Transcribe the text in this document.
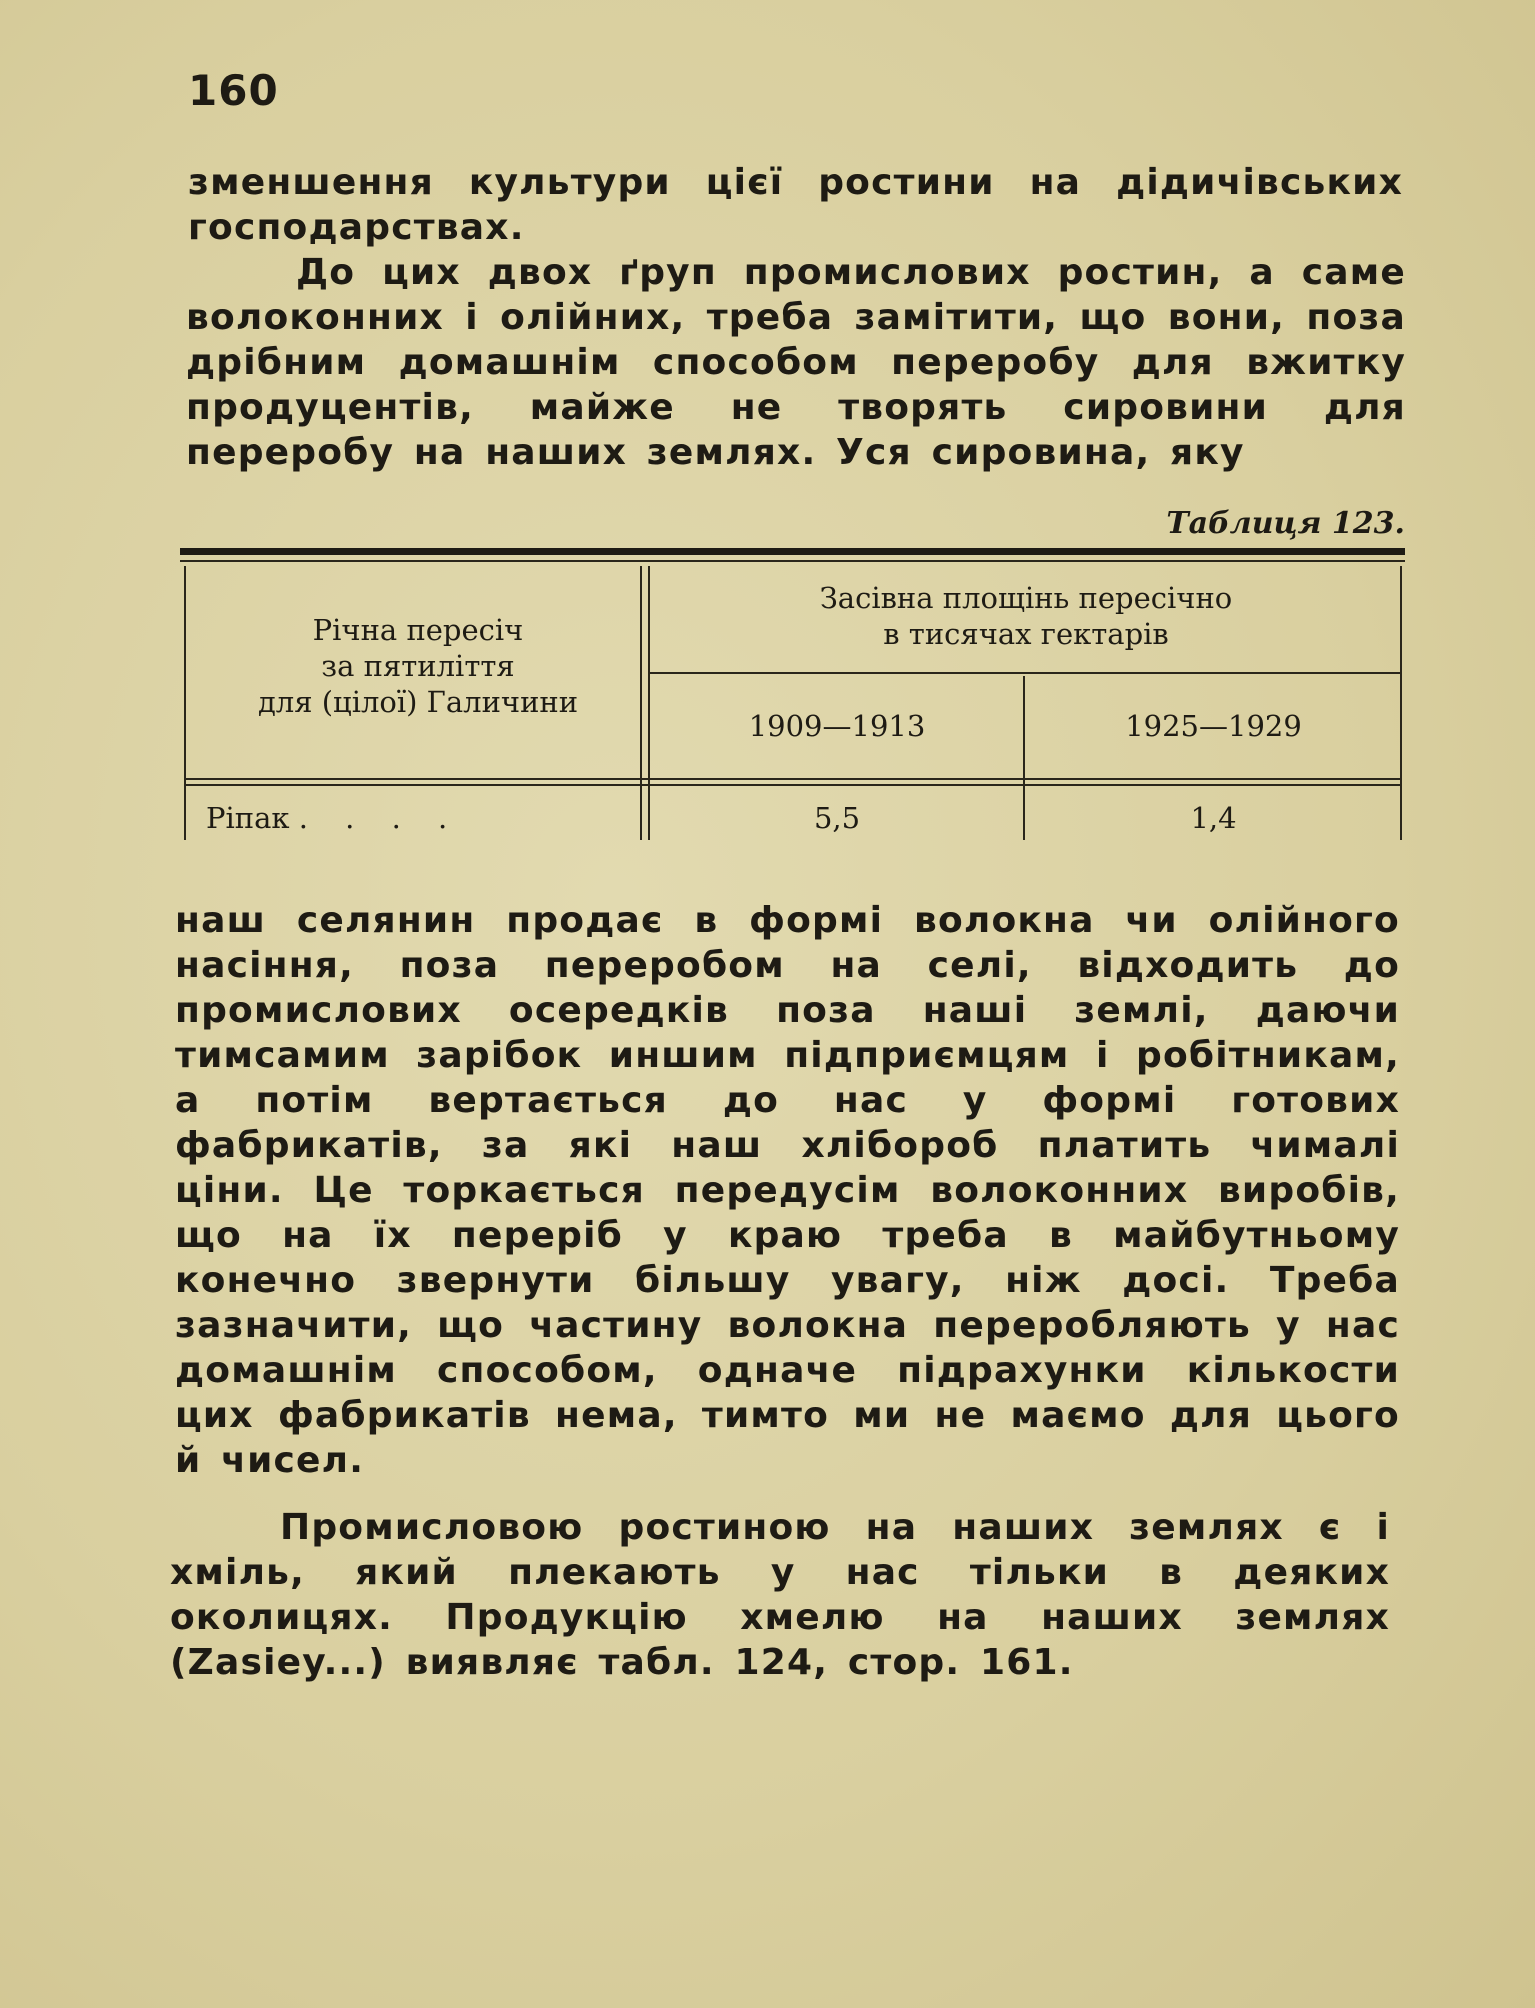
160

зменшення культури цієї ростини на дідичівських господарствах.

До цих двох ґруп промислових ростин, а саме волоконних і олійних, треба замітити, що вони, поза дрібним домашнім способом переробу для вжитку продуцентів, майже не творять сировини для переробу на наших землях. Уся сировина, яку

Таблиця 123.
Річна пересіч
за пятиліття
для (цілої) Галичини
Засівна площінь пересічно
в тисячах гектарів
1909—1913	1925—1929
Ріпак . . . .	5,5	1,4

наш селянин продає в формі волокна чи олійного насіння, поза переробом на селі, відходить до промислових осередків поза наші землі, даючи тимсамим зарібок иншим підприємцям і робітникам, а потім вертається до нас у формі готових фабрикатів, за які наш хлібороб платить чималі ціни. Це торкається передусім волоконних виробів, що на їх переріб у краю треба в майбутньому конечно звернути більшу увагу, ніж досі. Треба зазначити, що частину волокна переробляють у нас домашнім способом, одначе підрахунки кількости цих фабрикатів нема, тимто ми не маємо для цього й чисел.

Промисловою ростиною на наших землях є і хміль, який плекають у нас тільки в деяких околицях. Продукцію хмелю на наших землях (Zasiey...) виявляє табл. 124, стор. 161.
